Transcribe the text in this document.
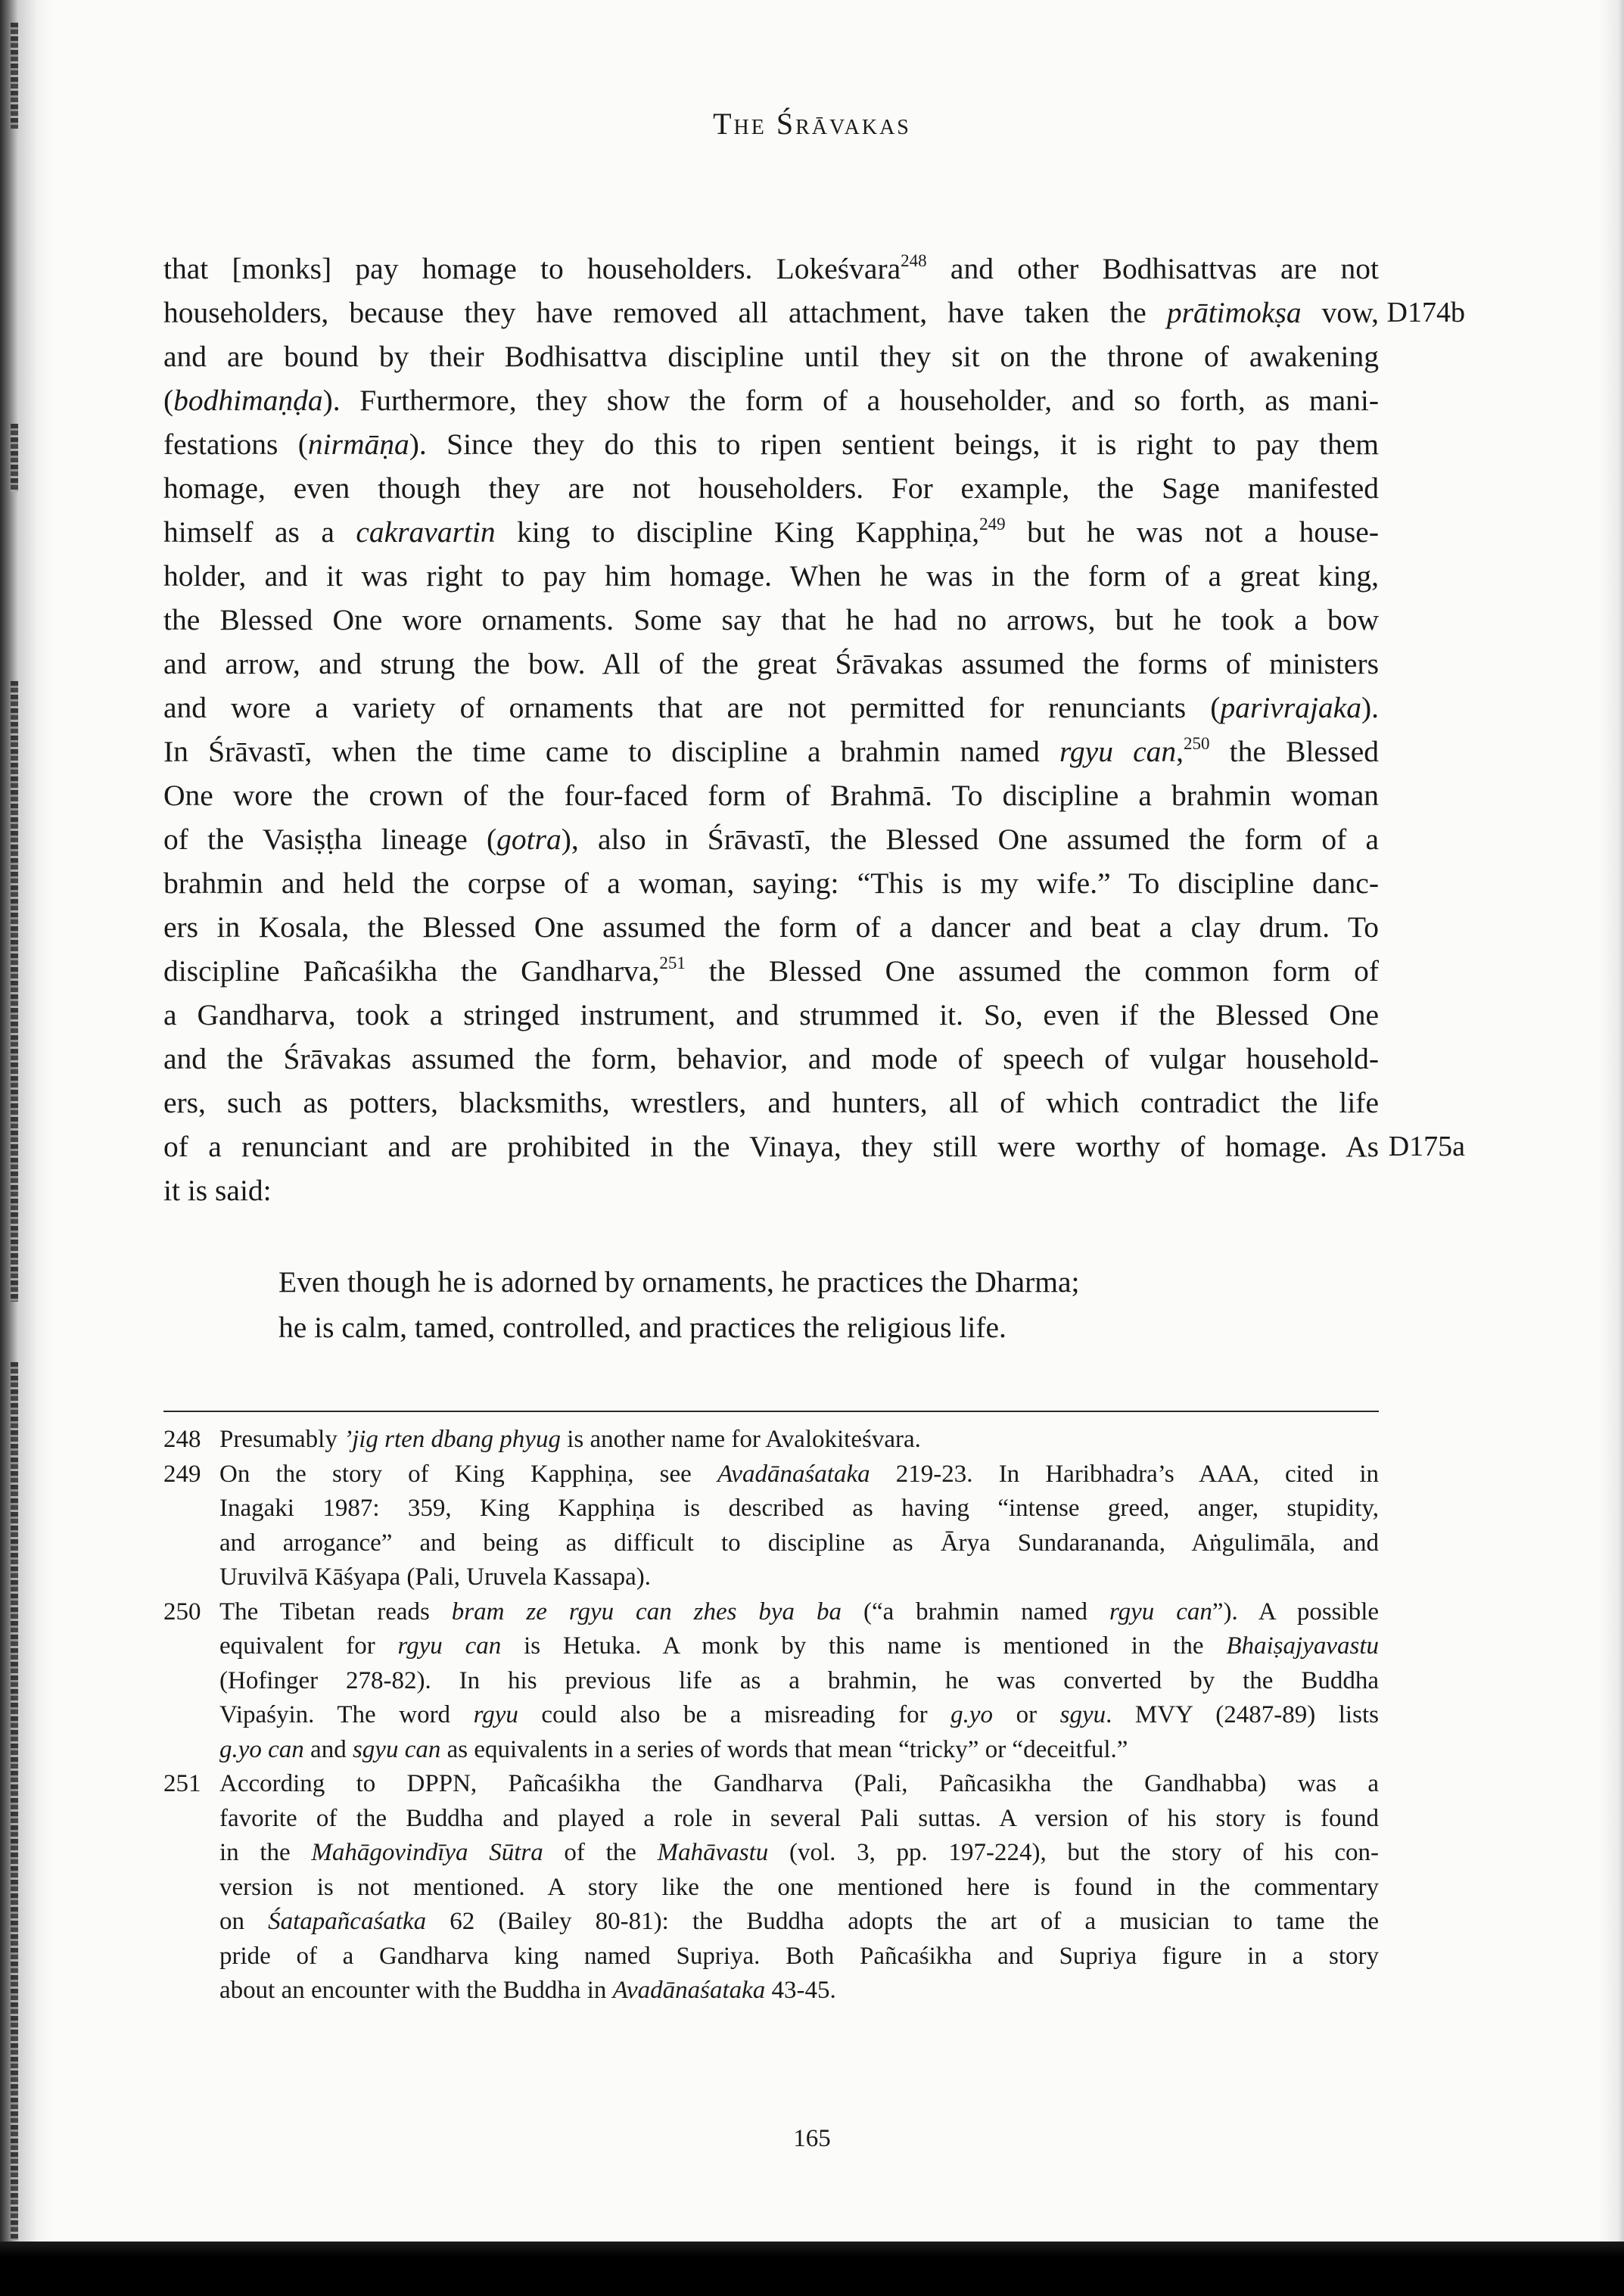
The Śrāvakas
that [monks] pay homage to householders. Lokeśvara$^{248}$ and other Bodhisattvas are not
householders, because they have removed all attachment, have taken the prātimokṣa vow,
and are bound by their Bodhisattva discipline until they sit on the throne of awakening
(bodhimaṇḍa). Furthermore, they show the form of a householder, and so forth, as mani-
festations (nirmāṇa). Since they do this to ripen sentient beings, it is right to pay them
homage, even though they are not householders. For example, the Sage manifested
himself as a cakravartin king to discipline King Kapphiṇa,$^{249}$ but he was not a house-
holder, and it was right to pay him homage. When he was in the form of a great king,
the Blessed One wore ornaments. Some say that he had no arrows, but he took a bow
and arrow, and strung the bow. All of the great Śrāvakas assumed the forms of ministers
and wore a variety of ornaments that are not permitted for renunciants (parivrajaka).
In Śrāvastī, when the time came to discipline a brahmin named rgyu can,$^{250}$ the Blessed
One wore the crown of the four-faced form of Brahmā. To discipline a brahmin woman
of the Vasiṣṭha lineage (gotra), also in Śrāvastī, the Blessed One assumed the form of a
brahmin and held the corpse of a woman, saying: “This is my wife.” To discipline danc-
ers in Kosala, the Blessed One assumed the form of a dancer and beat a clay drum. To
discipline Pañcaśikha the Gandharva,$^{251}$ the Blessed One assumed the common form of
a Gandharva, took a stringed instrument, and strummed it. So, even if the Blessed One
and the Śrāvakas assumed the form, behavior, and mode of speech of vulgar household-
ers, such as potters, blacksmiths, wrestlers, and hunters, all of which contradict the life
of a renunciant and are prohibited in the Vinaya, they still were worthy of homage. As
it is said:
D174b
D175a
Even though he is adorned by ornaments, he practices the Dharma;
he is calm, tamed, controlled, and practices the religious life.
248 Presumably ’jig rten dbang phyug is another name for Avalokiteśvara.
249 On the story of King Kapphiṇa, see Avadānaśataka 219-23. In Haribhadra’s AAA, cited in
Inagaki 1987: 359, King Kapphiṇa is described as having “intense greed, anger, stupidity,
and arrogance” and being as difficult to discipline as Ārya Sundarananda, Aṅgulimāla, and
Uruvilvā Kāśyapa (Pali, Uruvela Kassapa).
250 The Tibetan reads bram ze rgyu can zhes bya ba (“a brahmin named rgyu can”). A possible
equivalent for rgyu can is Hetuka. A monk by this name is mentioned in the Bhaiṣajyavastu
(Hofinger 278-82). In his previous life as a brahmin, he was converted by the Buddha
Vipaśyin. The word rgyu could also be a misreading for g.yo or sgyu. MVY (2487-89) lists
g.yo can and sgyu can as equivalents in a series of words that mean “tricky” or “deceitful.”
251 According to DPPN, Pañcaśikha the Gandharva (Pali, Pañcasikha the Gandhabba) was a
favorite of the Buddha and played a role in several Pali suttas. A version of his story is found
in the Mahāgovindīya Sūtra of the Mahāvastu (vol. 3, pp. 197-224), but the story of his con-
version is not mentioned. A story like the one mentioned here is found in the commentary
on Śatapañcaśatka 62 (Bailey 80-81): the Buddha adopts the art of a musician to tame the
pride of a Gandharva king named Supriya. Both Pañcaśikha and Supriya figure in a story
about an encounter with the Buddha in Avadānaśataka 43-45.
165
